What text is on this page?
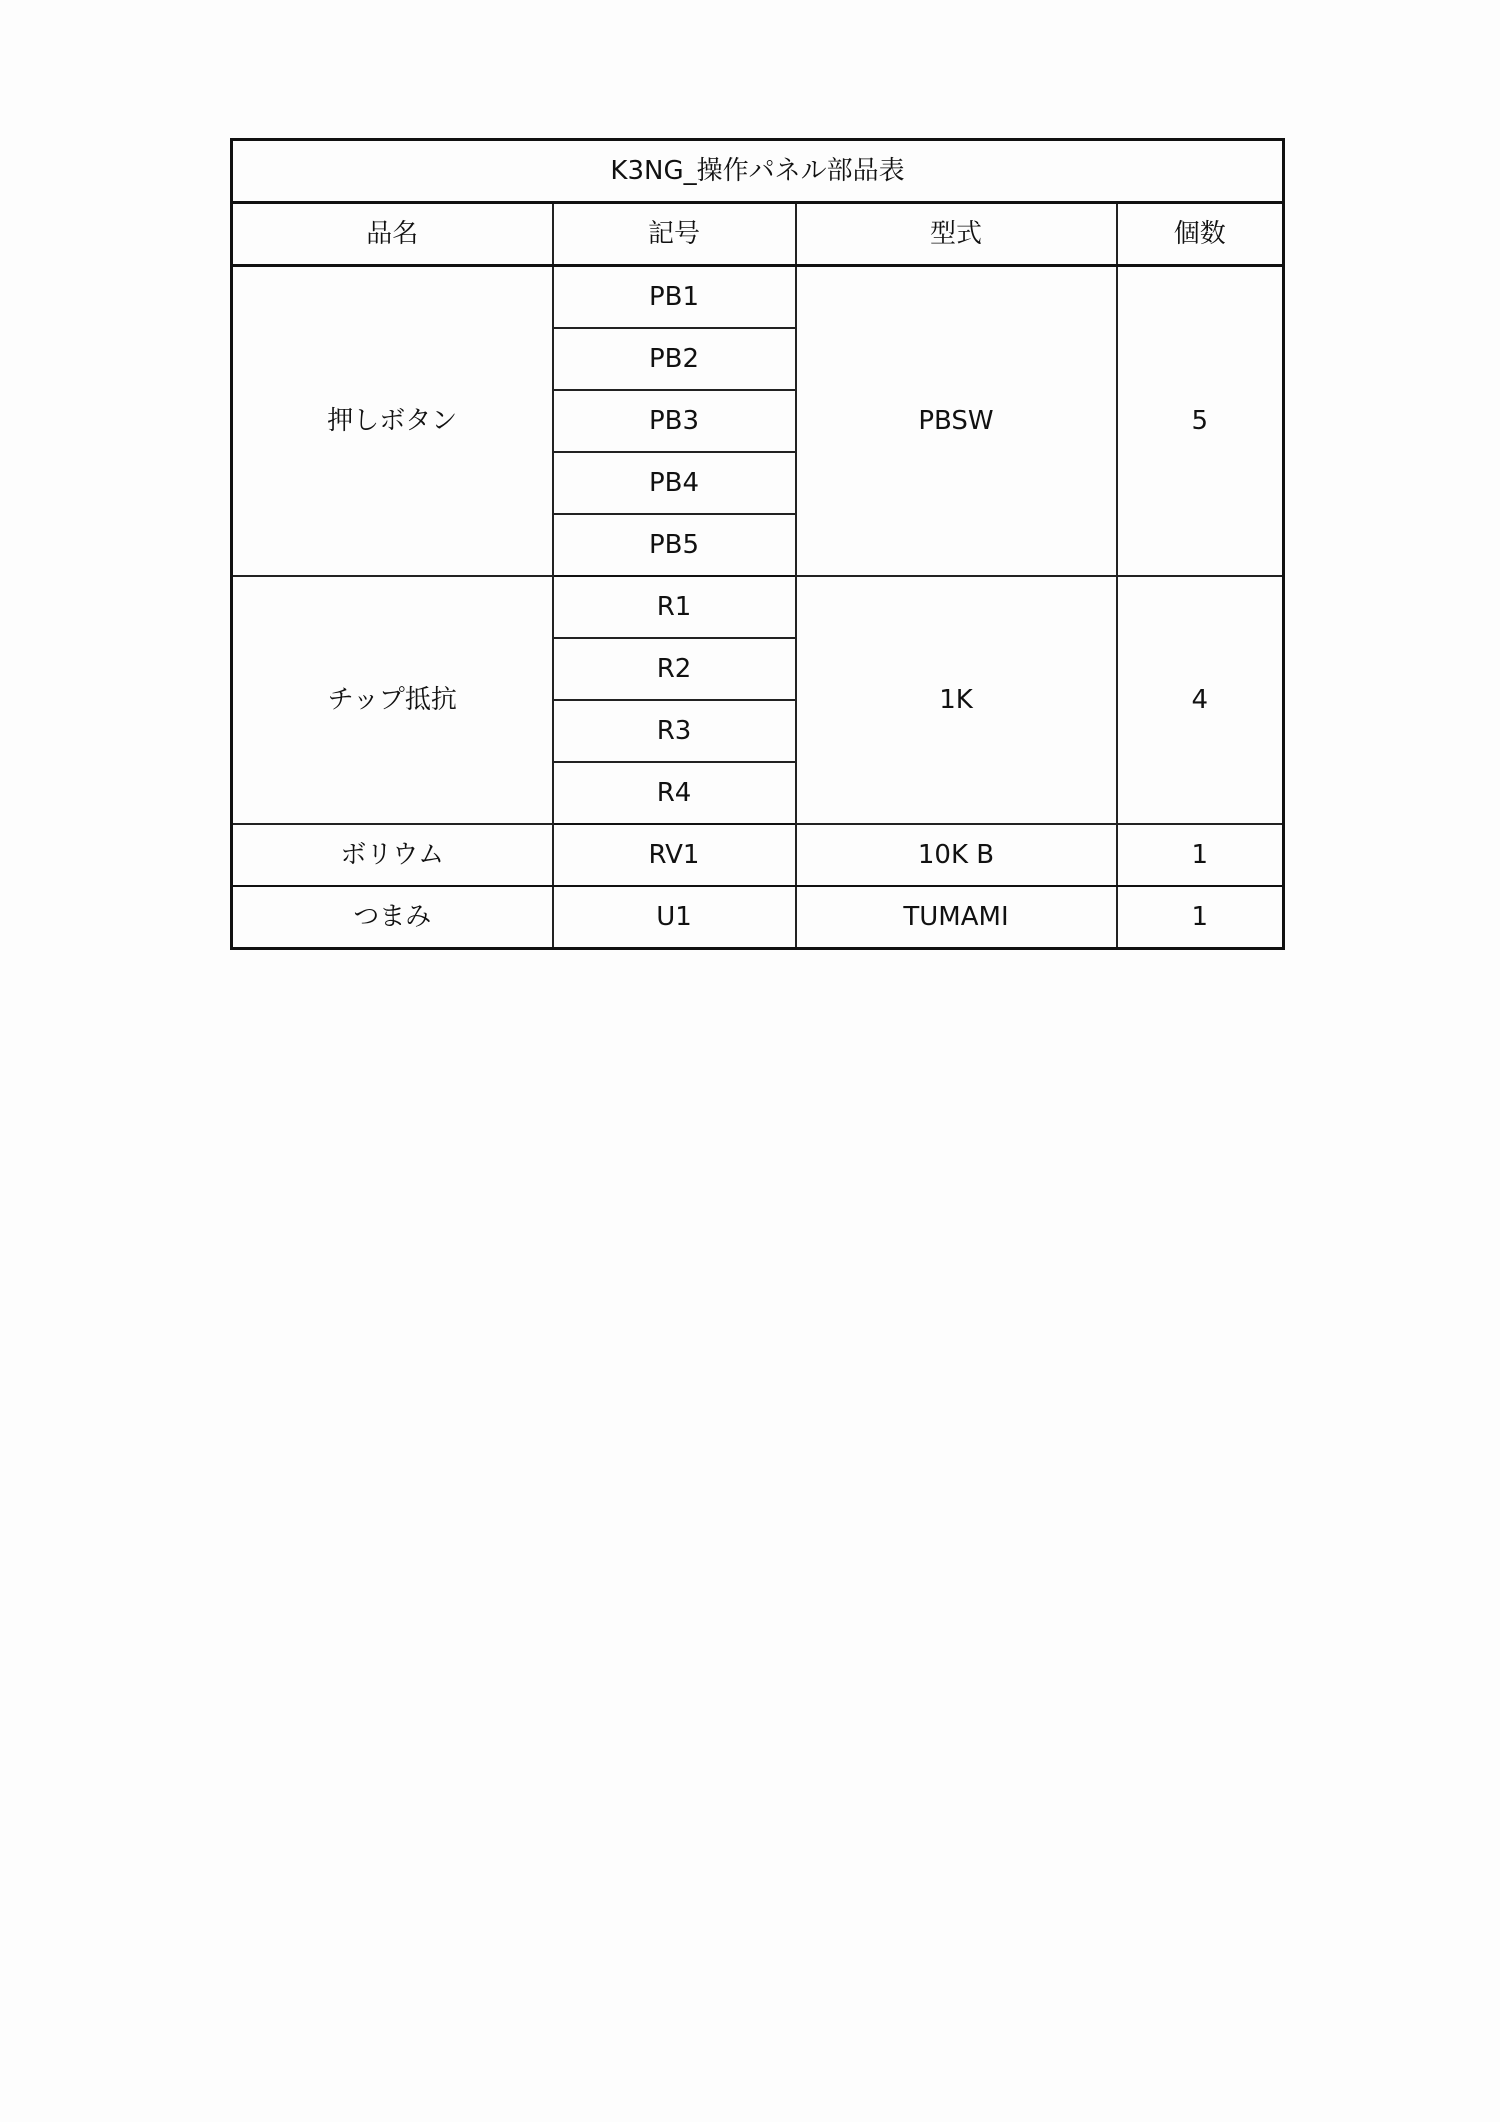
K3NG_操作パネル部品表			
品名	記号	型式	個数
押しボタン	PB1	PBSW	5
	PB2		
	PB3		
	PB4		
	PB5		
チップ抵抗	R1	1K	4
	R2		
	R3		
	R4		
ボリウム	RV1	10K B	1
つまみ	U1	TUMAMI	1
